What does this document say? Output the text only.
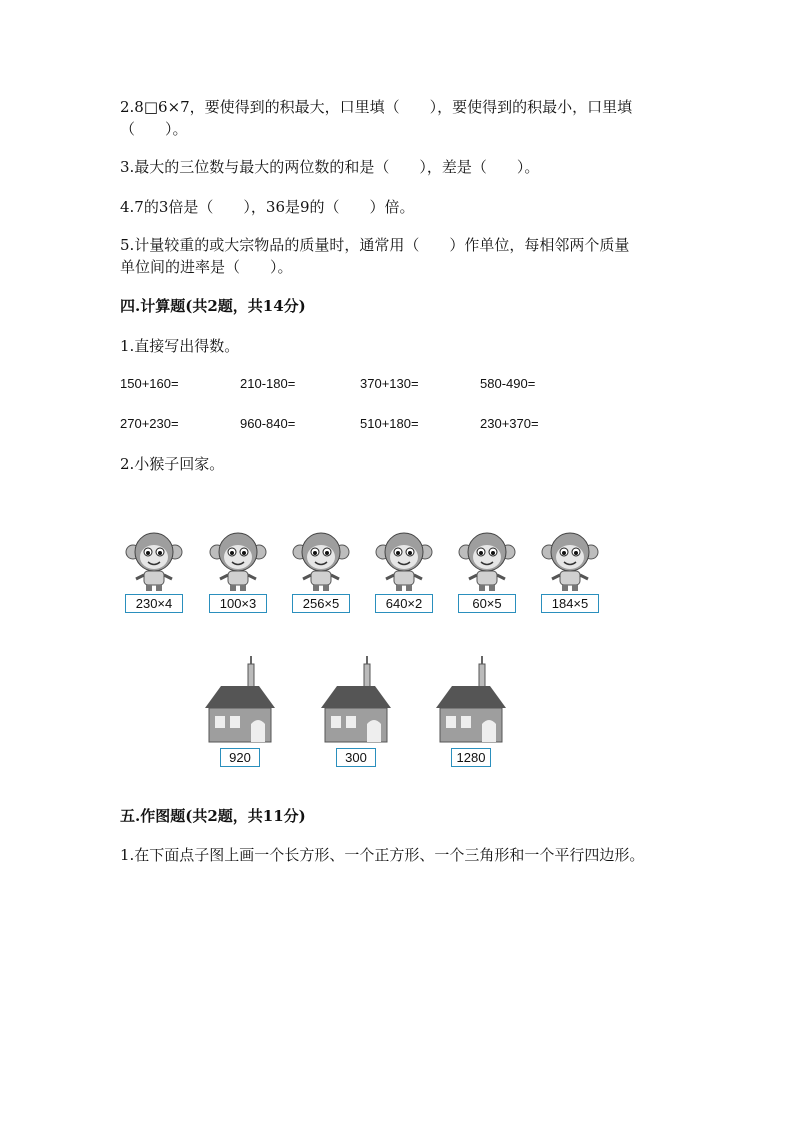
2.8□6×7，要使得到的积最大，口里填（　　），要使得到的积最小，口里填
（　　）。
3.最大的三位数与最大的两位数的和是（　　），差是（　　）。
4.7的3倍是（　　），36是9的（　　）倍。
5.计量较重的或大宗物品的质量时，通常用（　　）作单位，每相邻两个质量
单位间的进率是（　　）。
四.计算题(共2题，共14分)
1.直接写出得数。
150+160=	210-180=	370+130=	580-490=
270+230=	960-840=	510+180=	230+370=
2.小猴子回家。
230×4	100×3	256×5	640×2	60×5	184×5
920	300	1280
五.作图题(共2题，共11分)
1.在下面点子图上画一个长方形、一个正方形、一个三角形和一个平行四边形。
